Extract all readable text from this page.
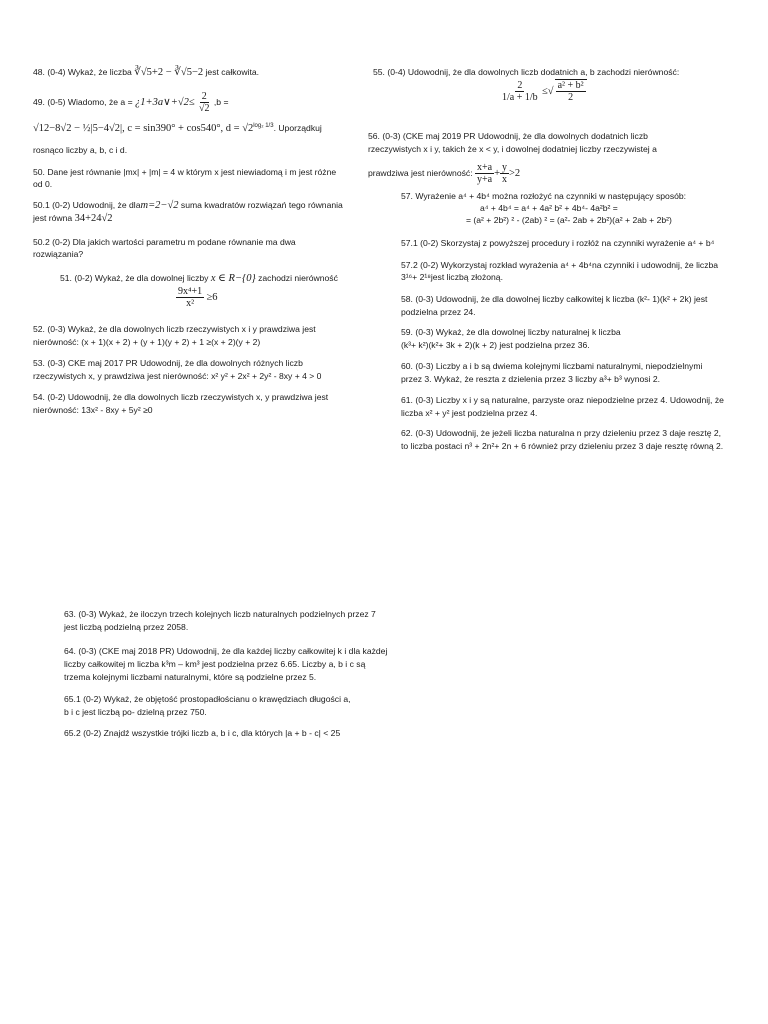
48. (0-4) Wykaż, że liczba ∛√5+2 − ∛√5−2 jest całkowita.
49. (0-5) Wiadomo, że a = ¿1+3a∨+√2≤ $\frac{2}{√2} ,b$ =
√12−8√2 − ½|5−4√2|, c = sin390° + cos540°, $d = √2^{log_2 1/3}$. Uporządkuj
rosnąco liczby a, b, c i d.
50. Dane jest równanie |mx| + |m| = 4 w którym x jest niewiadomą i m jest różne
od 0.
50.1 (0-2) Udowodnij, że dlam=2−√2 suma kwadratów rozwiązań tego równania
jest równa 34+24√2
50.2 (0-2) Dla jakich wartości parametru m podane równanie ma dwa
rozwiązania?
51. (0-2) Wykaż, że dla dowolnej liczby x ∈ R−{0} zachodzi nierówność
$\frac{\text{9x⁴+1}}{\text{x²}} \ge 6$
52. (0-3) Wykaż, że dla dowolnych liczb rzeczywistych x i y prawdziwa jest
nierówność: (x + 1)(x + 2) + (y + 1)(y + 2) + 1 ≥(x + 2)(y + 2)
53. (0-3) CKE maj 2017 PR Udowodnij, że dla dowolnych różnych liczb
rzeczywistych x, y prawdziwa jest nierówność: x² y² + 2x² + 2y² - 8xy + 4 > 0
54. (0-2) Udowodnij, że dla dowolnych liczb rzeczywistych x, y prawdziwa jest
nierówność: 13x² - 8xy + 5y² ≥0
55. (0-4) Udowodnij, że dla dowolnych liczb dodatnich a, b zachodzi nierówność:
$\frac{2}{1/a + 1/b}$ ≤√ $\frac{\text{a² + b²}}{2}$
56. (0-3) (CKE maj 2019 PR Udowodnij, że dla dowolnych dodatnich liczb
rzeczywistych x i y, takich że x < y, i dowolnej dodatniej liczby rzeczywistej a
prawdziwa jest nierówność: $\frac{x+a}{y+a} + \frac{y}{x} >2$
57. Wyrażenie a⁴ + 4b⁴ można rozłożyć na czynniki w następujący sposób:
a⁴ + 4b⁴ = a⁴ + 4a² b² + 4b⁴- 4a²b² =
= (a² + 2b²) ² - (2ab) ² = (a²- 2ab + 2b²)(a² + 2ab + 2b²)
57.1 (0-2) Skorzystaj z powyższej procedury i rozłóż na czynniki wyrażenie a⁴ + b⁴
57.2 (0-2) Wykorzystaj rozkład wyrażenia a⁴ + 4b⁴na czynniki i udowodnij, że liczba
3¹⁶+ 2¹⁸jest liczbą złożoną.
58. (0-3) Udowodnij, że dla dowolnej liczby całkowitej k liczba (k²- 1)(k² + 2k) jest
podzielna przez 24.
59. (0-3) Wykaż, że dla dowolnej liczby naturalnej k liczba
(k³+ k²)(k²+ 3k + 2)(k + 2) jest podzielna przez 36.
60. (0-3) Liczby a i b są dwiema kolejnymi liczbami naturalnymi, niepodzielnymi
przez 3. Wykaż, że reszta z dzielenia przez 3 liczby a³+ b³ wynosi 2.
61. (0-3) Liczby x i y są naturalne, parzyste oraz niepodzielne przez 4. Udowodnij, że
liczba x² + y² jest podzielna przez 4.
62. (0-3) Udowodnij, że jeżeli liczba naturalna n przy dzieleniu przez 3 daje resztę 2,
to liczba postaci n³ + 2n²+ 2n + 6 również przy dzieleniu przez 3 daje resztę równą 2.
63. (0-3) Wykaż, że iloczyn trzech kolejnych liczb naturalnych podzielnych przez 7
jest liczbą podzielną przez 2058.
64. (0-3) (CKE maj 2018 PR) Udowodnij, że dla każdej liczby całkowitej k i dla każdej
liczby całkowitej m liczba k³m – km³ jest podzielna przez 6.65. Liczby a, b i c są
trzema kolejnymi liczbami naturalnymi, które są podzielne przez 5.
65.1 (0-2) Wykaż, że objętość prostopadłościanu o krawędziach długości a,
b i c jest liczbą po- dzielną przez 750.
65.2 (0-2) Znajdź wszystkie trójki liczb a, b i c, dla których |a + b - c| < 25
